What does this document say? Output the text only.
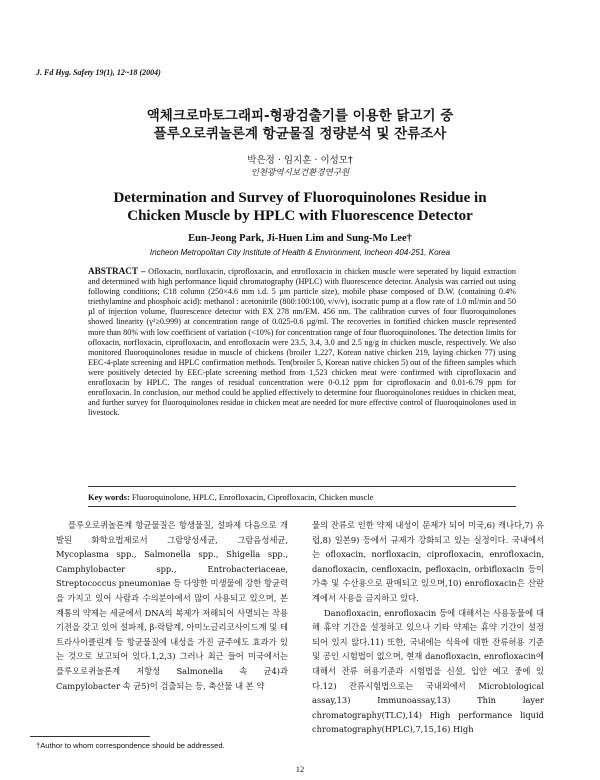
J. Fd Hyg. Safety 19(1), 12~18 (2004)
액체크로마토그래피-형광검출기를 이용한 닭고기 중
플루오로퀴놀론계 항균물질 정량분석 및 잔류조사
박은정 · 임지훈 · 이성모†
인천광역시보건환경연구원
Determination and Survey of Fluoroquinolones Residue in
Chicken Muscle by HPLC with Fluorescence Detector
Eun-Jeong Park, Ji-Huen Lim and Sung-Mo Lee†
Incheon Metropolitan City Institute of Health & Environment, Incheon 404-251, Korea
ABSTRACT – Ofloxacin, norfloxacin, ciprofloxacin, and enrofloxacin in chicken muscle were seperated by liquid extraction and determined with high performance liquid chromatography (HPLC) with fluorescence detector. Analysis was carried out using following conditions; C18 column (250×4.6 mm i.d. 5 µm particle size), mobile phase composed of D.W. (containing 0.4% triethylamine and phosphoic acid): methanol : acetonitrile (800:100:100, v/v/v), isocratic pump at a flow rate of 1.0 ml/min and 50 µl of injection volume, fluorescence detector with EX 278 nm/EM. 456 nm. The calibration curves of four fluoroquinolones showed linearity (γ²≥0.999) at concentration range of 0.025-0.6 µg/ml. The recoveries in fortified chicken muscle represented more than 80% with low coefficient of variation (<10%) for concentration range of four fluoroquinolones. The detection limits for ofloxacin, norfloxacin, ciprofloxacin, and enrofloxacin were 23.5, 3.4, 3.0 and 2.5 ng/g in chicken muscle, respectively. We also monitored fluoroquinolones residue in muscle of chickens (broiler 1,227, Korean native chicken 219, laying chicken 77) using EEC-4-plate screening and HPLC confirmation methods. Ten(broiler 5, Korean native chicken 5) out of the fifteen samples which were positively detected by EEC-plate screening method from 1,523 chicken meat were confirmed with ciprofloxacin and enrofloxacin by HPLC. The ranges of residual concentration were 0-0.12 ppm for ciprofloxacin and 0.01-6.79 ppm for enrofloxacin. In conclusion, our method could be applied effectively to determine four fluoroquinolones residues in chicken meat, and further survey for fluoroquinolones residue in chicken meat are needed for more effective control of fluoroquinolones used in livestock.
Key words: Fluoroquinolone, HPLC, Enrofloxacin, Ciprofloxacin, Chicken muscle
플루오로퀴놀론계 항균물질은 항생물질, 설파제 다음으로 개발된 화학요법제로서 그람양성세균, 그람음성세균, Mycoplasma spp., Salmonella spp., Shigella spp., Camphylobacter spp., Entrobacteriaceae, Streptococcus pneumoniae 등 다양한 미생물에 강한 항균력을 가지고 있어 사람과 수의분야에서 많이 사용되고 있으며, 본 계통의 약제는 세균에서 DNA의 복제가 저해되어 사멸되는 작용기전을 갖고 있어 설파제, β-락탐계, 아미노글리코사이드계 및 테트라사이클린계 등 항균물질에 내성을 가진 균주에도 효과가 있는 것으로 보고되어 있다.1,2,3) 그러나 최근 들어 미국에서는 플루오로퀴놀론계 저항성 Salmonella 속 균4)과 Campylobacter 속 균5)이 검출되는 등, 축산물 내 본 약

물의 잔류로 인한 약제 내성이 문제가 되어 미국,6) 캐나다,7) 유럽,8) 일본9) 등에서 규제가 강화되고 있는 실정이다. 국내에서는 ofloxacin, norfloxacin, ciprofloxacin, enrofloxacin, danofloxacin, cenfloxacin, pefloxacin, orbifloxacin 등이 가축 및 수산용으로 판매되고 있으며,10) enrofloxacin은 산란계에서 사용을 금지하고 있다.

Danofloxacin, enrofloxacin 등에 대해서는 사용동물에 대해 휴약 기간을 설정하고 있으나 기타 약제는 휴약 기간이 설정되어 있지 않다.11) 또한, 국내에는 식육에 대한 잔류허용 기준 및 공인 시험법이 없으며, 현재 danofloxacin, enrofloxacin에 대해서 잔류 허용기준과 시험법을 신설, 입안 예고 중에 있다.12) 잔류시험법으로는 국내외에서 Microbiological assay,13) Immunoassay,13) Thin layer chromatography(TLC),14) High performance liquid chromatography(HPLC),7,15,16) High

†Author to whom correspondence should be addressed.
12
